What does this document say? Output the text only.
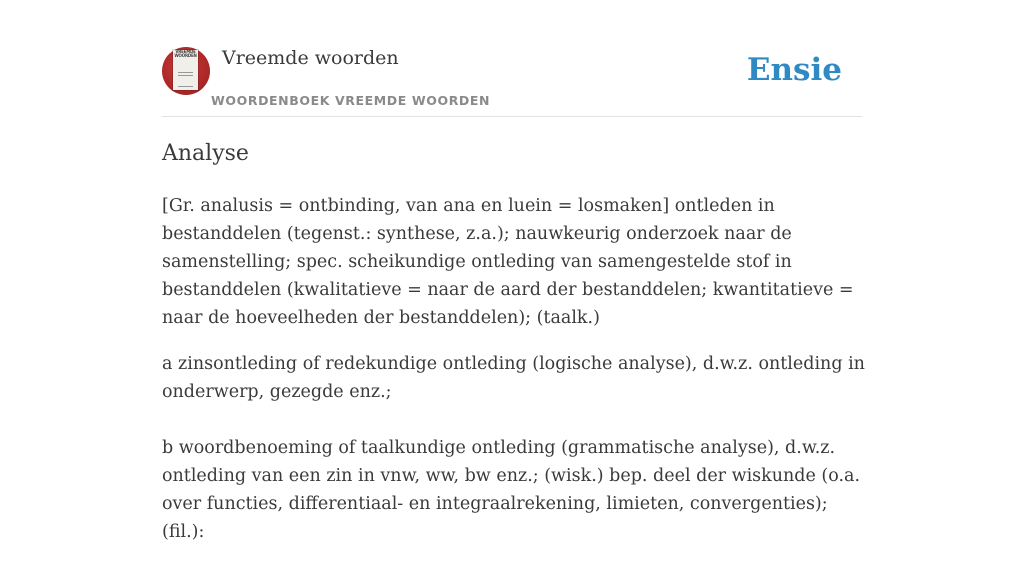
VREEMDE WOORDEN Vreemde woorden
WOORDENBOEK VREEMDE WOORDEN
Ensie
Analyse

[Gr. analusis = ontbinding, van ana en luein = losmaken] ontleden in bestanddelen (tegenst.: synthese, z.a.); nauwkeurig onderzoek naar de samenstelling; spec. scheikundige ontleding van samengestelde stof in bestanddelen (kwalitatieve = naar de aard der bestanddelen; kwantitatieve = naar de hoeveelheden der bestanddelen); (taalk.)

a zinsontleding of redekundige ontleding (logische analyse), d.w.z. ontleding in onderwerp, gezegde enz.;

b woordbenoeming of taalkundige ontleding (grammatische analyse), d.w.z. ontleding van een zin in vnw, ww, bw enz.; (wisk.) bep. deel der wiskunde (o.a. over functies, differentiaal- en integraalrekening, limieten, convergenties); (fil.):
